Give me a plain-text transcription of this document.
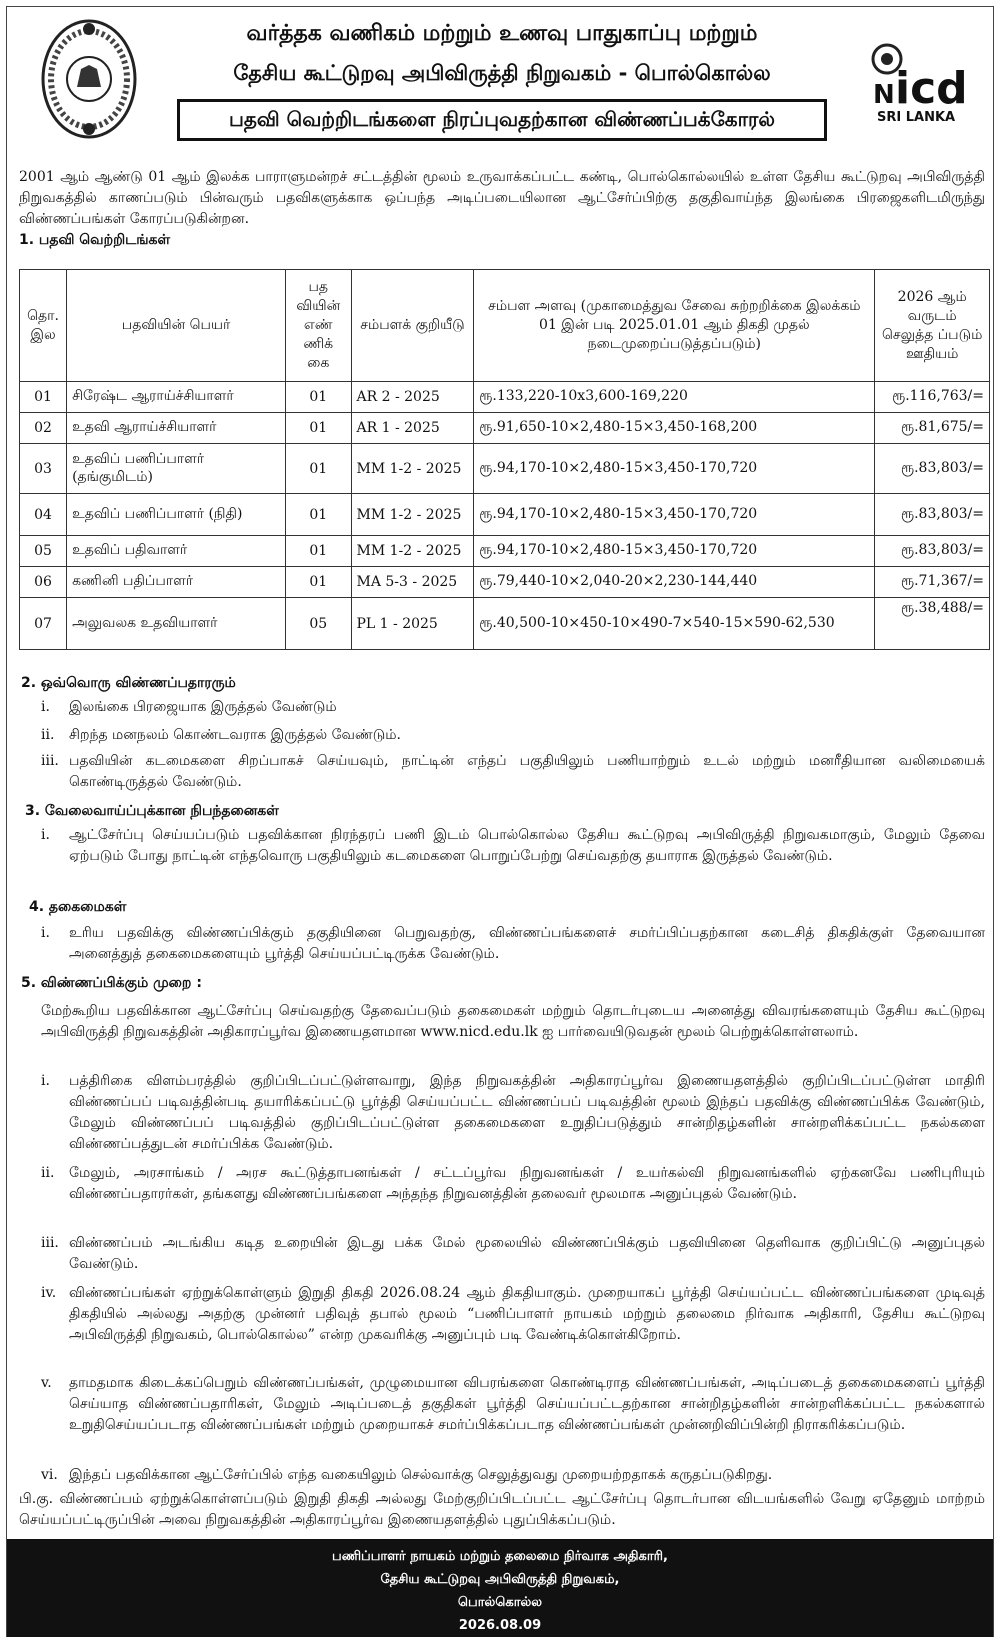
வர்த்தக வணிகம் மற்றும் உணவு பாதுகாப்பு மற்றும்
தேசிய கூட்டுறவு அபிவிருத்தி நிறுவகம் - பொல்கொல்ல
பதவி வெற்றிடங்களை நிரப்புவதற்கான விண்ணப்பக்கோரல்
N icd
SRI LANKA
2001 ஆம் ஆண்டு 01 ஆம் இலக்க பாராளுமன்றச் சட்டத்தின் மூலம் உருவாக்கப்பட்ட கண்டி, பொல்கொல்லயில் உள்ள தேசிய கூட்டுறவு அபிவிருத்தி நிறுவகத்தில் காணப்படும் பின்வரும் பதவிகளுக்காக ஒப்பந்த அடிப்படையிலான ஆட்சேர்ப்பிற்கு தகுதிவாய்ந்த இலங்கை பிரஜைகளிடமிருந்து விண்ணப்பங்கள் கோரப்படுகின்றன.
1. பதவி வெற்றிடங்கள்
தொ. இல	பதவியின் பெயர்	பத வியின் எண் ணிக் கை	சம்பளக் குறியீடு	சம்பள அளவு (முகாமைத்துவ சேவை சுற்றறிக்கை இலக்கம் 01 இன் படி 2025.01.01 ஆம் திகதி முதல் நடைமுறைப்படுத்தப்படும்)	2026 ஆம் வருடம் செலுத்த ப்படும் ஊதியம்
01	சிரேஷ்ட ஆராய்ச்சியாளர்	01	AR 2 - 2025	ரூ.133,220-10x3,600-169,220	ரூ.116,763/=
02	உதவி ஆராய்ச்சியாளர்	01	AR 1 - 2025	ரூ.91,650-10×2,480-15×3,450-168,200	ரூ.81,675/=
03	உதவிப் பணிப்பாளர் (தங்குமிடம்)	01	MM 1-2 - 2025	ரூ.94,170-10×2,480-15×3,450-170,720	ரூ.83,803/=
04	உதவிப் பணிப்பாளர் (நிதி)	01	MM 1-2 - 2025	ரூ.94,170-10×2,480-15×3,450-170,720	ரூ.83,803/=
05	உதவிப் பதிவாளர்	01	MM 1-2 - 2025	ரூ.94,170-10×2,480-15×3,450-170,720	ரூ.83,803/=
06	கணினி பதிப்பாளர்	01	MA 5-3 - 2025	ரூ.79,440-10×2,040-20×2,230-144,440	ரூ.71,367/=
07	அலுவலக உதவியாளர்	05	PL 1 - 2025	ரூ.40,500-10×450-10×490-7×540-15×590-62,530	ரூ.38,488/=
2. ஒவ்வொரு விண்ணப்பதாரரும்
i. இலங்கை பிரஜையாக இருத்தல் வேண்டும்
ii. சிறந்த மனநலம் கொண்டவராக இருத்தல் வேண்டும்.
iii. பதவியின் கடமைகளை சிறப்பாகச் செய்யவும், நாட்டின் எந்தப் பகுதியிலும் பணியாற்றும் உடல் மற்றும் மனரீதியான வலிமையைக் கொண்டிருத்தல் வேண்டும்.
3. வேலைவாய்ப்புக்கான நிபந்தனைகள்
i. ஆட்சேர்ப்பு செய்யப்படும் பதவிக்கான நிரந்தரப் பணி இடம் பொல்கொல்ல தேசிய கூட்டுறவு அபிவிருத்தி நிறுவகமாகும், மேலும் தேவை ஏற்படும் போது நாட்டின் எந்தவொரு பகுதியிலும் கடமைகளை பொறுப்பேற்று செய்வதற்கு தயாராக இருத்தல் வேண்டும்.
4. தகைமைகள்
i. உரிய பதவிக்கு விண்ணப்பிக்கும் தகுதியினை பெறுவதற்கு, விண்ணப்பங்களைச் சமர்ப்பிப்பதற்கான கடைசித் திகதிக்குள் தேவையான அனைத்துத் தகைமைகளையும் பூர்த்தி செய்யப்பட்டிருக்க வேண்டும்.
5. விண்ணப்பிக்கும் முறை :
மேற்கூறிய பதவிக்கான ஆட்சேர்ப்பு செய்வதற்கு தேவைப்படும் தகைமைகள் மற்றும் தொடர்புடைய அனைத்து விவரங்களையும் தேசிய கூட்டுறவு அபிவிருத்தி நிறுவகத்தின் அதிகாரப்பூர்வ இணையதளமான www.nicd.edu.lk ஐ பார்வையிடுவதன் மூலம் பெற்றுக்கொள்ளலாம்.
i. பத்திரிகை விளம்பரத்தில் குறிப்பிடப்பட்டுள்ளவாறு, இந்த நிறுவகத்தின் அதிகாரப்பூர்வ இணையதளத்தில் குறிப்பிடப்பட்டுள்ள மாதிரி விண்ணப்பப் படிவத்தின்படி தயாரிக்கப்பட்டு பூர்த்தி செய்யப்பட்ட விண்ணப்பப் படிவத்தின் மூலம் இந்தப் பதவிக்கு விண்ணப்பிக்க வேண்டும், மேலும் விண்ணப்பப் படிவத்தில் குறிப்பிடப்பட்டுள்ள தகைமைகளை உறுதிப்படுத்தும் சான்றிதழ்களின் சான்றளிக்கப்பட்ட நகல்களை விண்ணப்பத்துடன் சமர்ப்பிக்க வேண்டும்.
ii. மேலும், அரசாங்கம் / அரச கூட்டுத்தாபனங்கள் / சட்டப்பூர்வ நிறுவனங்கள் / உயர்கல்வி நிறுவனங்களில் ஏற்கனவே பணிபுரியும் விண்ணப்பதாரர்கள், தங்களது விண்ணப்பங்களை அந்தந்த நிறுவனத்தின் தலைவர் மூலமாக அனுப்புதல் வேண்டும்.
iii. விண்ணப்பம் அடங்கிய கடித உறையின் இடது பக்க மேல் மூலையில் விண்ணப்பிக்கும் பதவியினை தெளிவாக குறிப்பிட்டு அனுப்புதல் வேண்டும்.
iv. விண்ணப்பங்கள் ஏற்றுக்கொள்ளும் இறுதி திகதி 2026.08.24 ஆம் திகதியாகும். முறையாகப் பூர்த்தி செய்யப்பட்ட விண்ணப்பங்களை முடிவுத் திகதியில் அல்லது அதற்கு முன்னர் பதிவுத் தபால் மூலம் “பணிப்பாளர் நாயகம் மற்றும் தலைமை நிர்வாக அதிகாரி, தேசிய கூட்டுறவு அபிவிருத்தி நிறுவகம், பொல்கொல்ல” என்ற முகவரிக்கு அனுப்பும் படி வேண்டிக்கொள்கிறோம்.
v. தாமதமாக கிடைக்கப்பெறும் விண்ணப்பங்கள், முழுமையான விபரங்களை கொண்டிராத விண்ணப்பங்கள், அடிப்படைத் தகைமைகளைப் பூர்த்தி செய்யாத விண்ணப்பதாரிகள், மேலும் அடிப்படைத் தகுதிகள் பூர்த்தி செய்யப்பட்டதற்கான சான்றிதழ்களின் சான்றளிக்கப்பட்ட நகல்களால் உறுதிசெய்யப்படாத விண்ணப்பங்கள் மற்றும் முறையாகச் சமர்ப்பிக்கப்படாத விண்ணப்பங்கள் முன்னறிவிப்பின்றி நிராகரிக்கப்படும்.
vi. இந்தப் பதவிக்கான ஆட்சேர்ப்பில் எந்த வகையிலும் செல்வாக்கு செலுத்துவது முறையற்றதாகக் கருதப்படுகிறது.
பி.கு. விண்ணப்பம் ஏற்றுக்கொள்ளப்படும் இறுதி திகதி அல்லது மேற்குறிப்பிடப்பட்ட ஆட்சேர்ப்பு தொடர்பான விடயங்களில் வேறு ஏதேனும் மாற்றம் செய்யப்பட்டிருப்பின் அவை நிறுவகத்தின் அதிகாரப்பூர்வ இணையதளத்தில் புதுப்பிக்கப்படும்.
பணிப்பாளர் நாயகம் மற்றும் தலைமை நிர்வாக அதிகாரி,
தேசிய கூட்டுறவு அபிவிருத்தி நிறுவகம்,
பொல்கொல்ல
2026.08.09
